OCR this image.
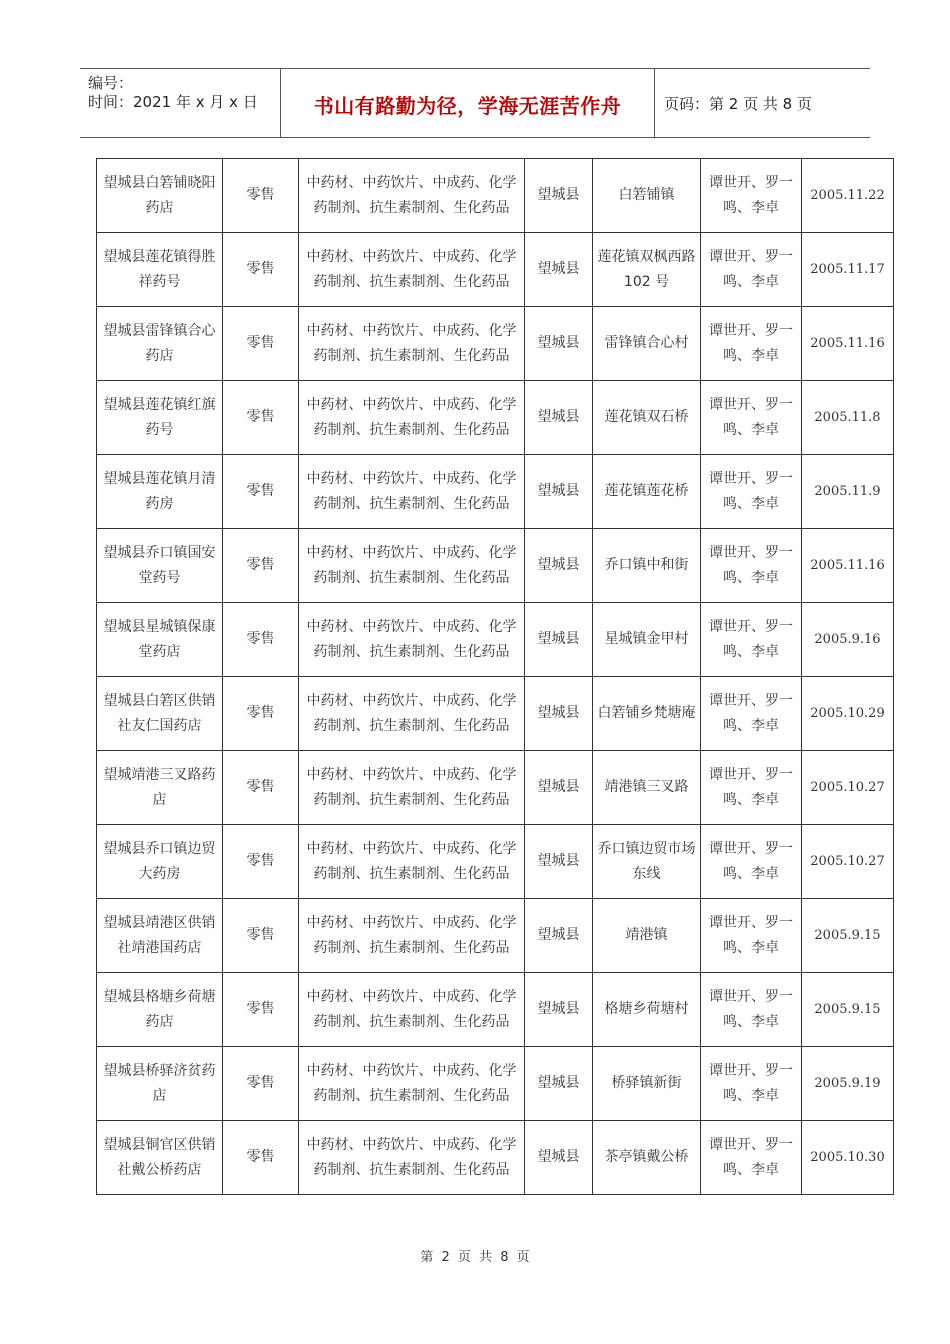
编号：
时间：2021 年 x 月 x 日	书山有路勤为径，学海无涯苦作舟	页码：第 2 页 共 8 页
望城县白箬铺晓阳药店	零售	中药材、中药饮片、中成药、化学药制剂、抗生素制剂、生化药品	望城县	白箬铺镇	谭世开、罗一鸣、李卓	2005.11.22
望城县莲花镇得胜祥药号	零售	中药材、中药饮片、中成药、化学药制剂、抗生素制剂、生化药品	望城县	莲花镇双枫西路 102 号	谭世开、罗一鸣、李卓	2005.11.17
望城县雷锋镇合心药店	零售	中药材、中药饮片、中成药、化学药制剂、抗生素制剂、生化药品	望城县	雷锋镇合心村	谭世开、罗一鸣、李卓	2005.11.16
望城县莲花镇红旗药号	零售	中药材、中药饮片、中成药、化学药制剂、抗生素制剂、生化药品	望城县	莲花镇双石桥	谭世开、罗一鸣、李卓	2005.11.8
望城县莲花镇月清药房	零售	中药材、中药饮片、中成药、化学药制剂、抗生素制剂、生化药品	望城县	莲花镇莲花桥	谭世开、罗一鸣、李卓	2005.11.9
望城县乔口镇国安堂药号	零售	中药材、中药饮片、中成药、化学药制剂、抗生素制剂、生化药品	望城县	乔口镇中和街	谭世开、罗一鸣、李卓	2005.11.16
望城县星城镇保康堂药店	零售	中药材、中药饮片、中成药、化学药制剂、抗生素制剂、生化药品	望城县	星城镇金甲村	谭世开、罗一鸣、李卓	2005.9.16
望城县白箬区供销社友仁国药店	零售	中药材、中药饮片、中成药、化学药制剂、抗生素制剂、生化药品	望城县	白箬铺乡梵塘庵	谭世开、罗一鸣、李卓	2005.10.29
望城靖港三叉路药店	零售	中药材、中药饮片、中成药、化学药制剂、抗生素制剂、生化药品	望城县	靖港镇三叉路	谭世开、罗一鸣、李卓	2005.10.27
望城县乔口镇边贸大药房	零售	中药材、中药饮片、中成药、化学药制剂、抗生素制剂、生化药品	望城县	乔口镇边贸市场东线	谭世开、罗一鸣、李卓	2005.10.27
望城县靖港区供销社靖港国药店	零售	中药材、中药饮片、中成药、化学药制剂、抗生素制剂、生化药品	望城县	靖港镇	谭世开、罗一鸣、李卓	2005.9.15
望城县格塘乡荷塘药店	零售	中药材、中药饮片、中成药、化学药制剂、抗生素制剂、生化药品	望城县	格塘乡荷塘村	谭世开、罗一鸣、李卓	2005.9.15
望城县桥驿济贫药店	零售	中药材、中药饮片、中成药、化学药制剂、抗生素制剂、生化药品	望城县	桥驿镇新街	谭世开、罗一鸣、李卓	2005.9.19
望城县铜官区供销社戴公桥药店	零售	中药材、中药饮片、中成药、化学药制剂、抗生素制剂、生化药品	望城县	茶亭镇戴公桥	谭世开、罗一鸣、李卓	2005.10.30
第 2 页 共 8 页
